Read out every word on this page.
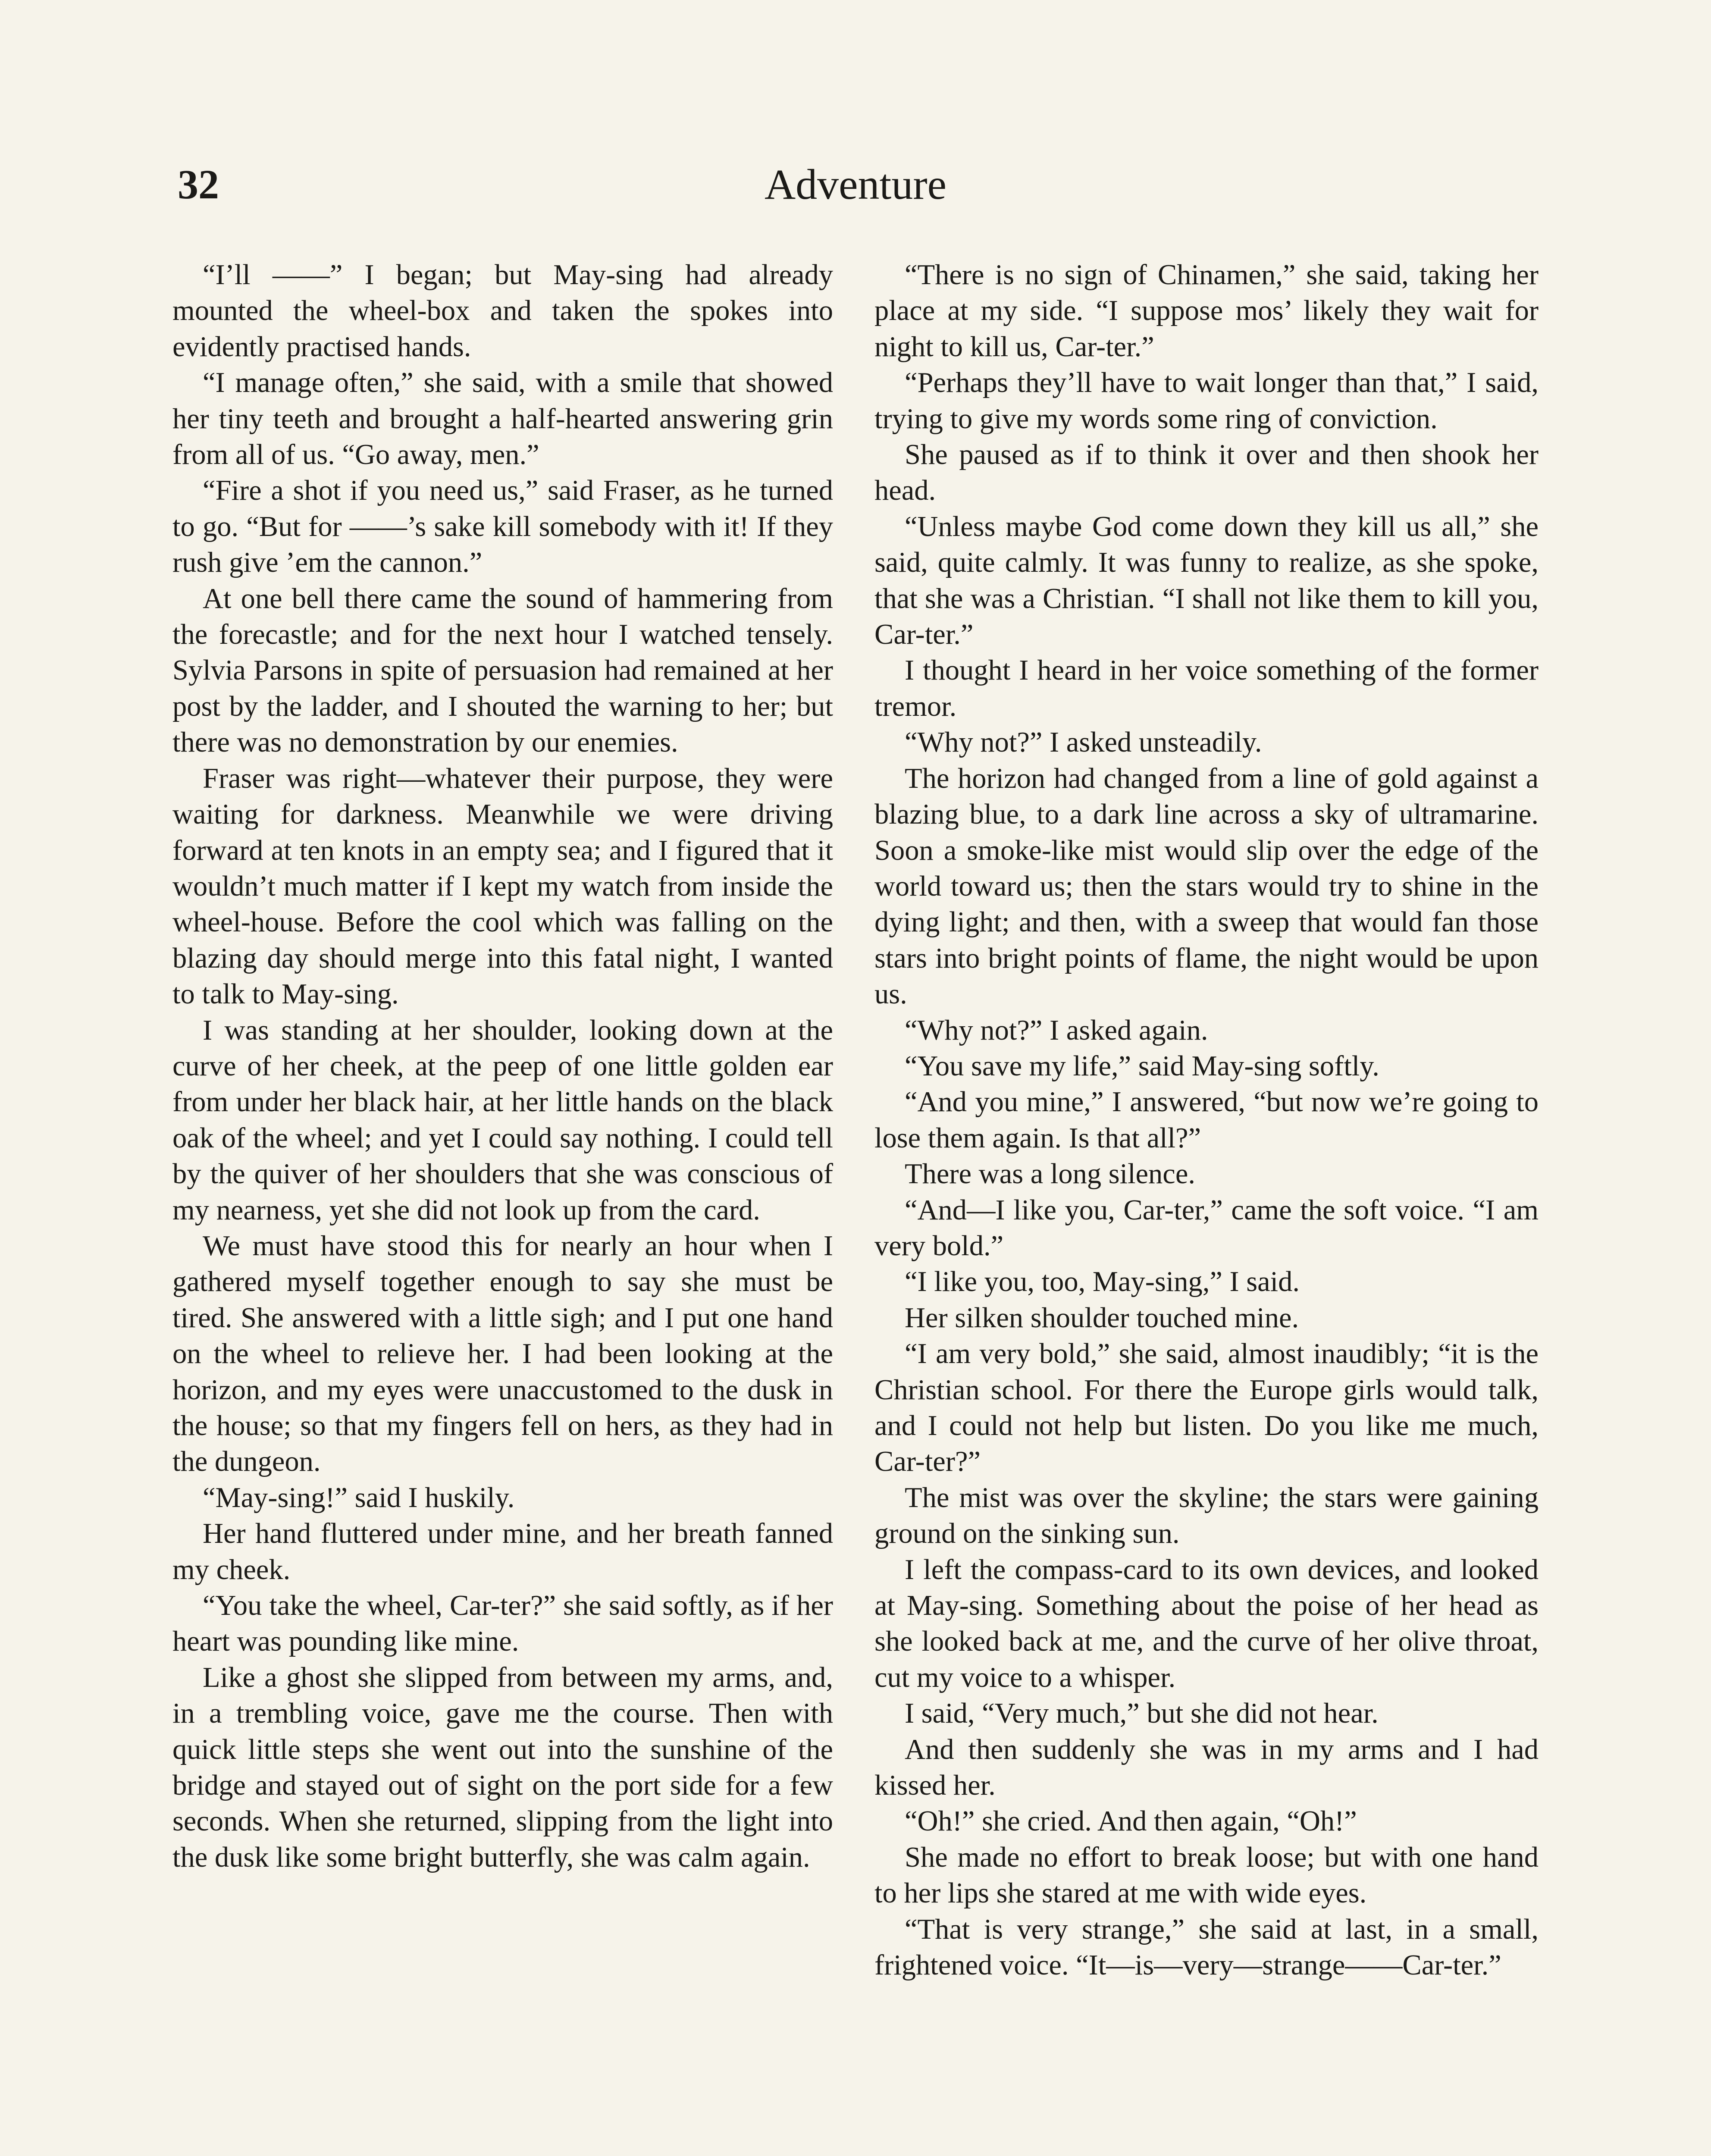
32	Adventure

“I’ll ——” I began; but May-sing had already mounted the wheel-box and taken the spokes into evidently practised hands.

“I manage often,” she said, with a smile that showed her tiny teeth and brought a half-hearted answering grin from all of us. “Go away, men.”

“Fire a shot if you need us,” said Fraser, as he turned to go. “But for ——’s sake kill somebody with it! If they rush give ’em the cannon.”

At one bell there came the sound of hammering from the forecastle; and for the next hour I watched tensely. Sylvia Parsons in spite of persuasion had remained at her post by the ladder, and I shouted the warning to her; but there was no demonstration by our enemies.

Fraser was right—whatever their purpose, they were waiting for darkness. Meanwhile we were driving forward at ten knots in an empty sea; and I figured that it wouldn’t much matter if I kept my watch from inside the wheel-house. Before the cool which was falling on the blazing day should merge into this fatal night, I wanted to talk to May-sing.

I was standing at her shoulder, looking down at the curve of her cheek, at the peep of one little golden ear from under her black hair, at her little hands on the black oak of the wheel; and yet I could say nothing. I could tell by the quiver of her shoulders that she was conscious of my nearness, yet she did not look up from the card.

We must have stood this for nearly an hour when I gathered myself together enough to say she must be tired. She answered with a little sigh; and I put one hand on the wheel to relieve her. I had been looking at the horizon, and my eyes were unaccustomed to the dusk in the house; so that my fingers fell on hers, as they had in the dungeon.

“May-sing!” said I huskily.

Her hand fluttered under mine, and her breath fanned my cheek.

“You take the wheel, Car-ter?” she said softly, as if her heart was pounding like mine.

Like a ghost she slipped from between my arms, and, in a trembling voice, gave me the course. Then with quick little steps she went out into the sunshine of the bridge and stayed out of sight on the port side for a few seconds. When she returned, slipping from the light into the dusk like some bright butterfly, she was calm again.

“There is no sign of Chinamen,” she said, taking her place at my side. “I suppose mos’ likely they wait for night to kill us, Car-ter.”

“Perhaps they’ll have to wait longer than that,” I said, trying to give my words some ring of conviction.

She paused as if to think it over and then shook her head.

“Unless maybe God come down they kill us all,” she said, quite calmly. It was funny to realize, as she spoke, that she was a Christian. “I shall not like them to kill you, Car-ter.”

I thought I heard in her voice something of the former tremor.

“Why not?” I asked unsteadily.

The horizon had changed from a line of gold against a blazing blue, to a dark line across a sky of ultramarine. Soon a smoke-like mist would slip over the edge of the world toward us; then the stars would try to shine in the dying light; and then, with a sweep that would fan those stars into bright points of flame, the night would be upon us.

“Why not?” I asked again.

“You save my life,” said May-sing softly.

“And you mine,” I answered, “but now we’re going to lose them again. Is that all?”

There was a long silence.

“And—I like you, Car-ter,” came the soft voice. “I am very bold.”

“I like you, too, May-sing,” I said.

Her silken shoulder touched mine.

“I am very bold,” she said, almost inaudibly; “it is the Christian school. For there the Europe girls would talk, and I could not help but listen. Do you like me much, Car-ter?”

The mist was over the skyline; the stars were gaining ground on the sinking sun.

I left the compass-card to its own devices, and looked at May-sing. Something about the poise of her head as she looked back at me, and the curve of her olive throat, cut my voice to a whisper.

I said, “Very much,” but she did not hear.

And then suddenly she was in my arms and I had kissed her.

“Oh!” she cried. And then again, “Oh!”

She made no effort to break loose; but with one hand to her lips she stared at me with wide eyes.

“That is very strange,” she said at last, in a small, frightened voice. “It—is—very—strange——Car-ter.”
